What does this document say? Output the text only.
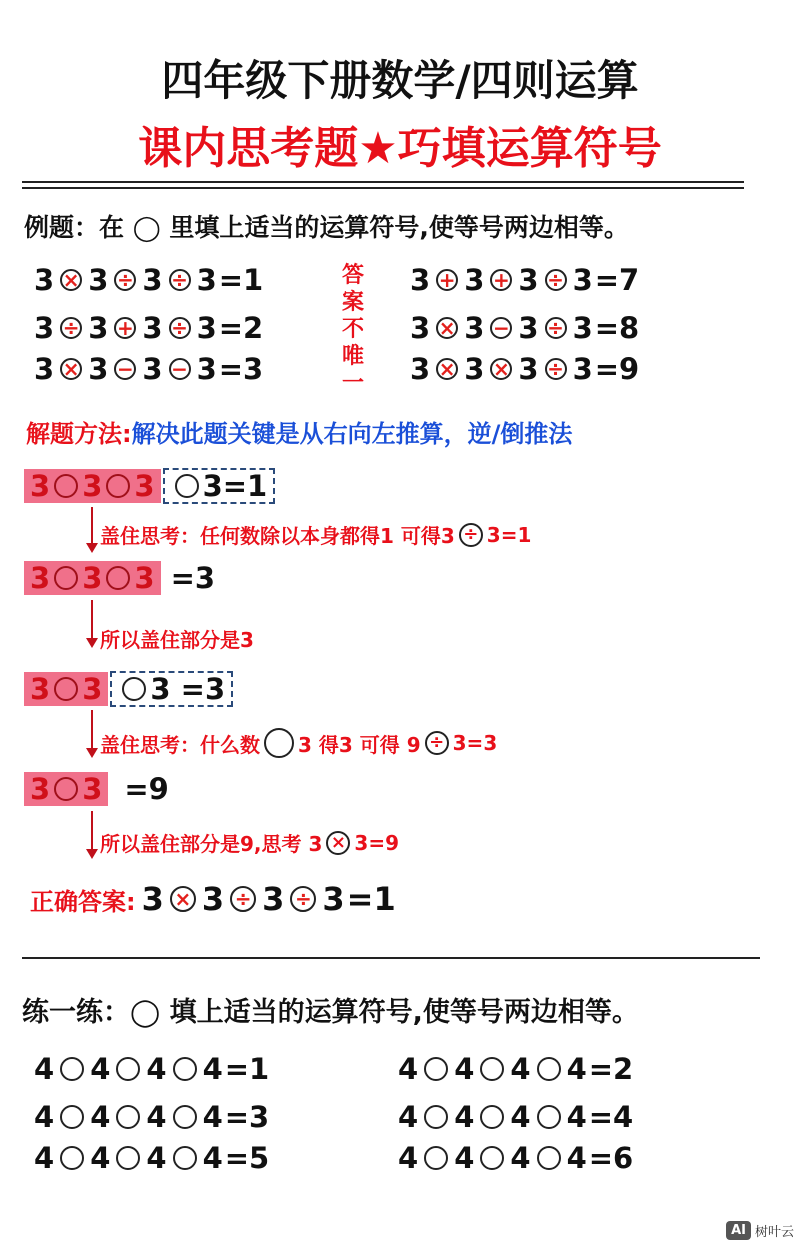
四年级下册数学/四则运算
课内思考题★巧填运算符号
例题：在 ◯ 里填上适当的运算符号,使等号两边相等。
3 × 3 ÷ 3 ÷ 3 =1
3 ÷ 3 + 3 ÷ 3 =2
3 × 3 − 3 − 3 =3
答案不唯一
3 + 3 + 3 ÷ 3 =7
3 × 3 − 3 ÷ 3 =8
3 × 3 × 3 ÷ 3 =9
解题方法:解决此题关键是从右向左推算，逆/倒推法
3 3 3 3=1
盖住思考：任何数除以本身都得1 可得3 ÷ 3=1
3 3 3 =3
所以盖住部分是3
3 3 3 =3
盖住思考：什么数 3 得3 可得 9 ÷ 3=3
3 3 =9
所以盖住部分是9,思考 3 × 3=9
正确答案: 3 × 3 ÷ 3 ÷ 3 =1
练一练：◯ 填上适当的运算符号,使等号两边相等。
4 4 4 4 =1
4 4 4 4 =3
4 4 4 4 =5
4 4 4 4 =2
4 4 4 4 =4
4 4 4 4 =6
AI 树叶云
